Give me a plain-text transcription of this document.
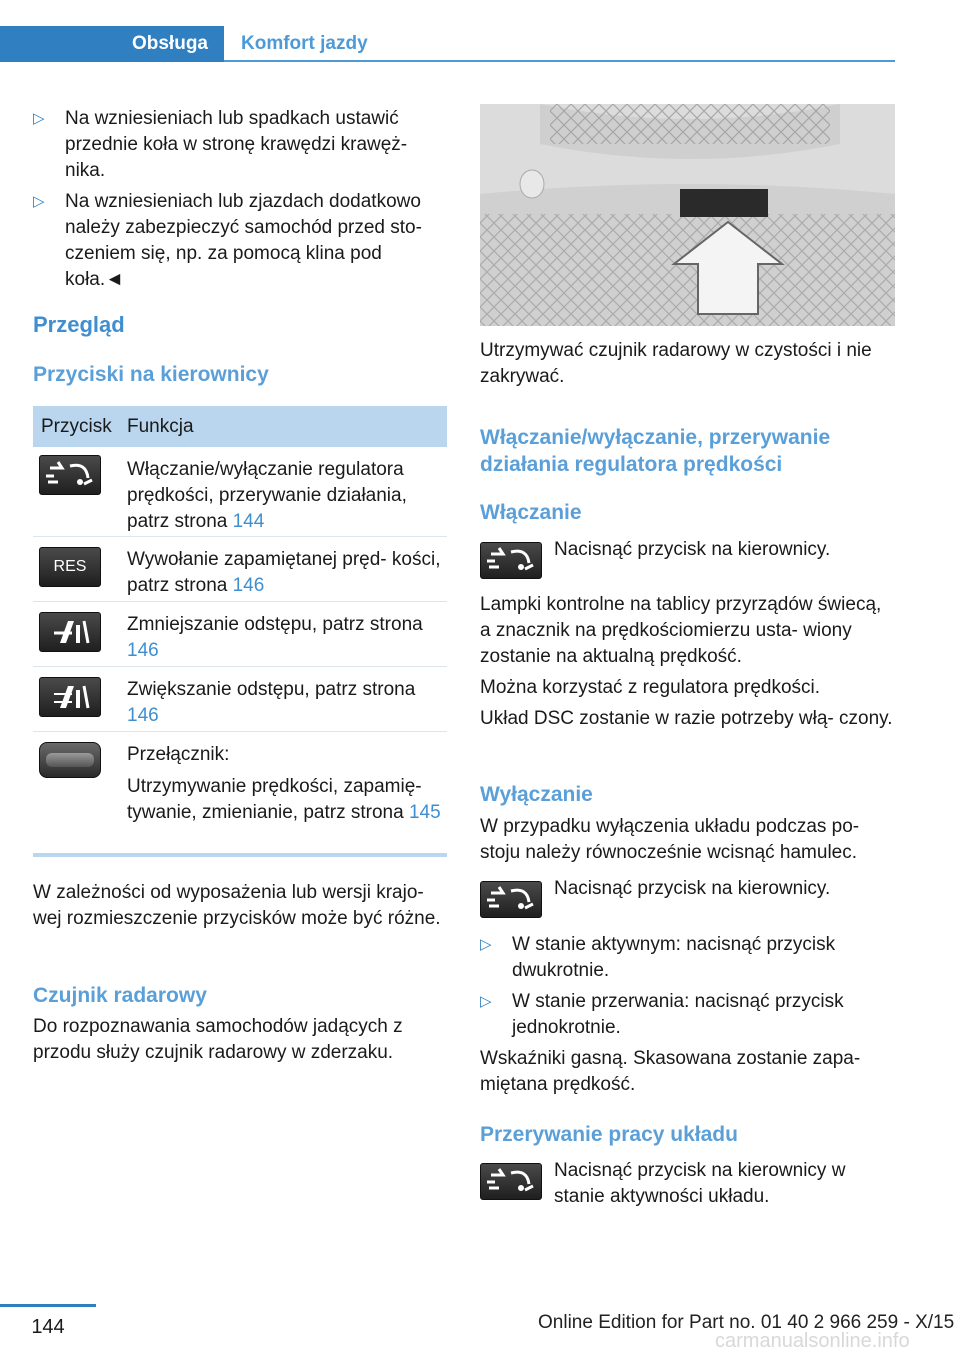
Obsługa	Komfort jazdy
▷ Na wzniesieniach lub spadkach ustawić przednie koła w stronę krawędzi krawęż‐ nika.
▷ Na wzniesieniach lub zjazdach dodatkowo należy zabezpieczyć samochód przed sto‐ czeniem się, np. za pomocą klina pod koła.◄
Przegląd
Przyciski na kierownicy
Przycisk Funkcja
Włączanie/wyłączanie regulatora prędkości, przerywanie działania, patrz strona 144
RES	Wywołanie zapamiętanej pręd‐ kości, patrz strona 146
Zmniejszanie odstępu, patrz strona 146
Zwiększanie odstępu, patrz strona 146

Przełącznik:

Utrzymywanie prędkości, zapamię‐ tywanie, zmienianie, patrz strona 145

W zależności od wyposażenia lub wersji krajo‐ wej rozmieszczenie przycisków może być różne.

Czujnik radarowy

Do rozpoznawania samochodów jadących z przodu służy czujnik radarowy w zderzaku.

Utrzymywać czujnik radarowy w czystości i nie zakrywać.

Włączanie/wyłączanie, przerywanie działania regulatora prędkości
Włączanie

Nacisnąć przycisk na kierownicy.

Lampki kontrolne na tablicy przyrządów świecą, a znacznik na prędkościomierzu usta‐ wiony zostanie na aktualną prędkość.

Można korzystać z regulatora prędkości.

Układ DSC zostanie w razie potrzeby włą‐ czony.

Wyłączanie

W przypadku wyłączenia układu podczas po‐ stoju należy równocześnie wcisnąć hamulec.

Nacisnąć przycisk na kierownicy.

▷ W stanie aktywnym: nacisnąć przycisk dwukrotnie.
▷ W stanie przerwania: nacisnąć przycisk jednokrotnie.

Wskaźniki gasną. Skasowana zostanie zapa‐ miętana prędkość.

Przerywanie pracy układu

Nacisnąć przycisk na kierownicy w stanie aktywności układu.

144	Online Edition for Part no. 01 40 2 966 259 - X/15
carmanualsonline.info
